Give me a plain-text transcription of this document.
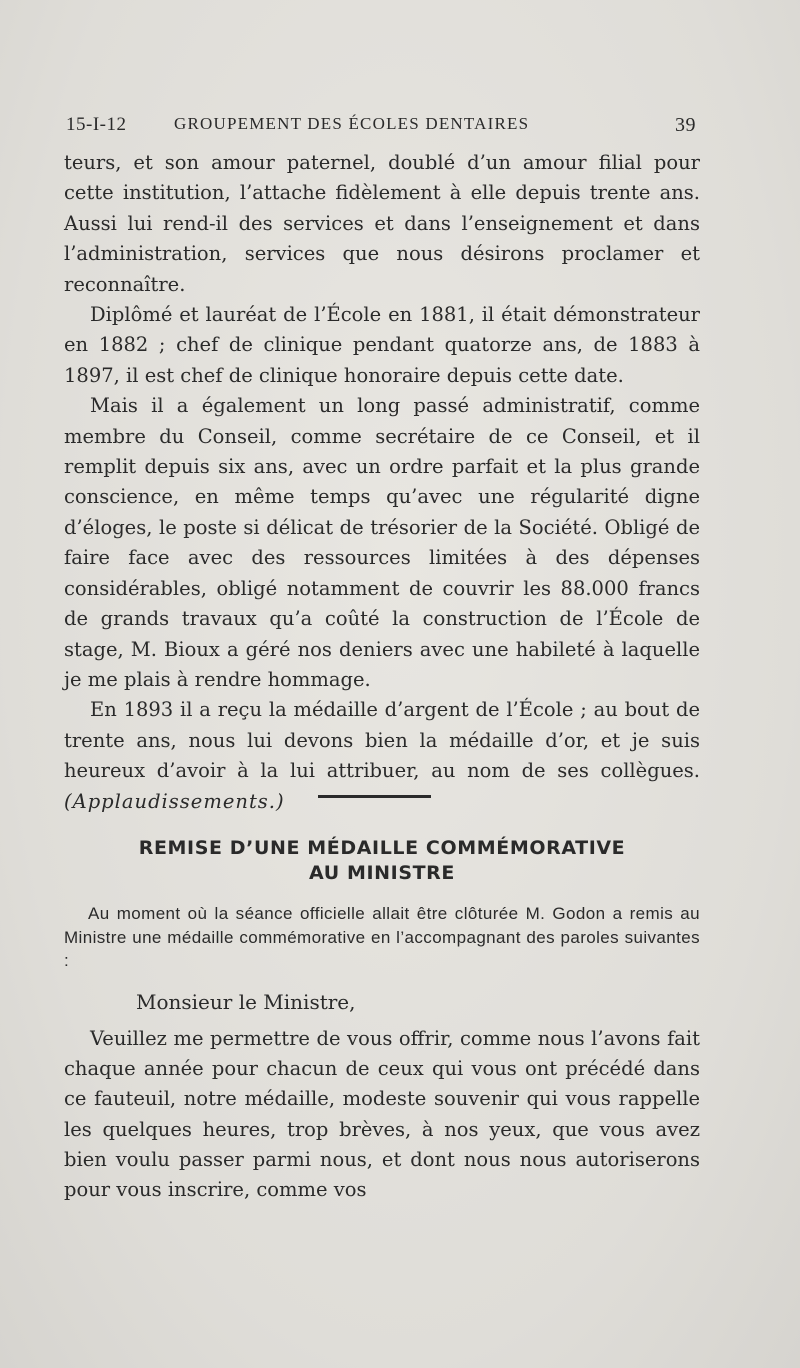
15-I-12	GROUPEMENT DES ÉCOLES DENTAIRES	39

teurs, et son amour paternel, doublé d’un amour filial pour cette institution, l’attache fidèlement à elle depuis trente ans. Aussi lui rend-il des services et dans l’enseignement et dans l’administration, services que nous désirons proclamer et reconnaître.

Diplômé et lauréat de l’École en 1881, il était démonstrateur en 1882 ; chef de clinique pendant quatorze ans, de 1883 à 1897, il est chef de clinique honoraire depuis cette date.

Mais il a également un long passé administratif, comme membre du Conseil, comme secrétaire de ce Conseil, et il remplit depuis six ans, avec un ordre parfait et la plus grande conscience, en même temps qu’avec une régularité digne d’éloges, le poste si délicat de trésorier de la Société. Obligé de faire face avec des ressources limitées à des dépenses considérables, obligé notamment de couvrir les 88.000 francs de grands travaux qu’a coûté la construction de l’École de stage, M. Bioux a géré nos deniers avec une habileté à laquelle je me plais à rendre hommage.

En 1893 il a reçu la médaille d’argent de l’École ; au bout de trente ans, nous lui devons bien la médaille d’or, et je suis heureux d’avoir à la lui attribuer, au nom de ses collègues. (Applaudissements.)

REMISE D’UNE MÉDAILLE COMMÉMORATIVE
AU MINISTRE

Au moment où la séance officielle allait être clôturée M. Godon a remis au Ministre une médaille commémorative en l’accompagnant des paroles suivantes :

Monsieur le Ministre,

Veuillez me permettre de vous offrir, comme nous l’avons fait chaque année pour chacun de ceux qui vous ont précédé dans ce fauteuil, notre médaille, modeste souvenir qui vous rappelle les quelques heures, trop brèves, à nos yeux, que vous avez bien voulu passer parmi nous, et dont nous nous autoriserons pour vous inscrire, comme vos
